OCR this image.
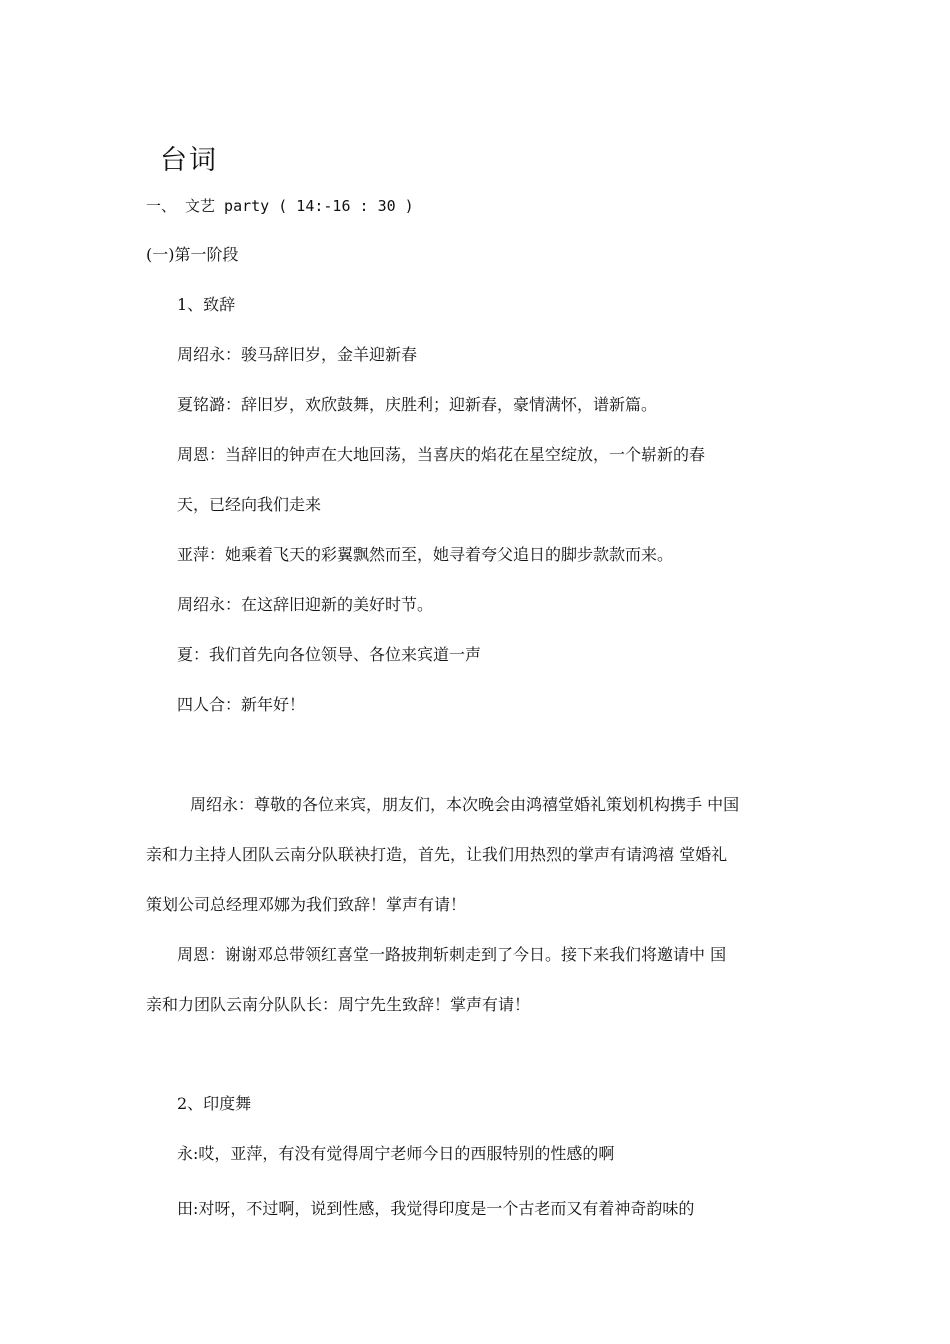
台词
一、 文艺 party ( 14:-16 : 30 )
(一)第一阶段
1、致辞
周绍永：骏马辞旧岁，金羊迎新春
夏铭潞：辞旧岁，欢欣鼓舞，庆胜利；迎新春，豪情满怀，谱新篇。
周恩：当辞旧的钟声在大地回荡，当喜庆的焰花在星空绽放，一个崭新的春
天，已经向我们走来
亚萍：她乘着飞天的彩翼飘然而至，她寻着夸父追日的脚步款款而来。
周绍永：在这辞旧迎新的美好时节。
夏：我们首先向各位领导、各位来宾道一声
四人合：新年好！
周绍永：尊敬的各位来宾，朋友们，本次晚会由鸿禧堂婚礼策划机构携手 中国
亲和力主持人团队云南分队联袂打造，首先，让我们用热烈的掌声有请鸿禧 堂婚礼
策划公司总经理邓娜为我们致辞！掌声有请！
周恩：谢谢邓总带领红喜堂一路披荆斩刺走到了今日。接下来我们将邀请中 国
亲和力团队云南分队队长：周宁先生致辞！掌声有请！
2、印度舞
永:哎，亚萍，有没有觉得周宁老师今日的西服特别的性感的啊
田:对呀，不过啊，说到性感，我觉得印度是一个古老而又有着神奇韵味的
